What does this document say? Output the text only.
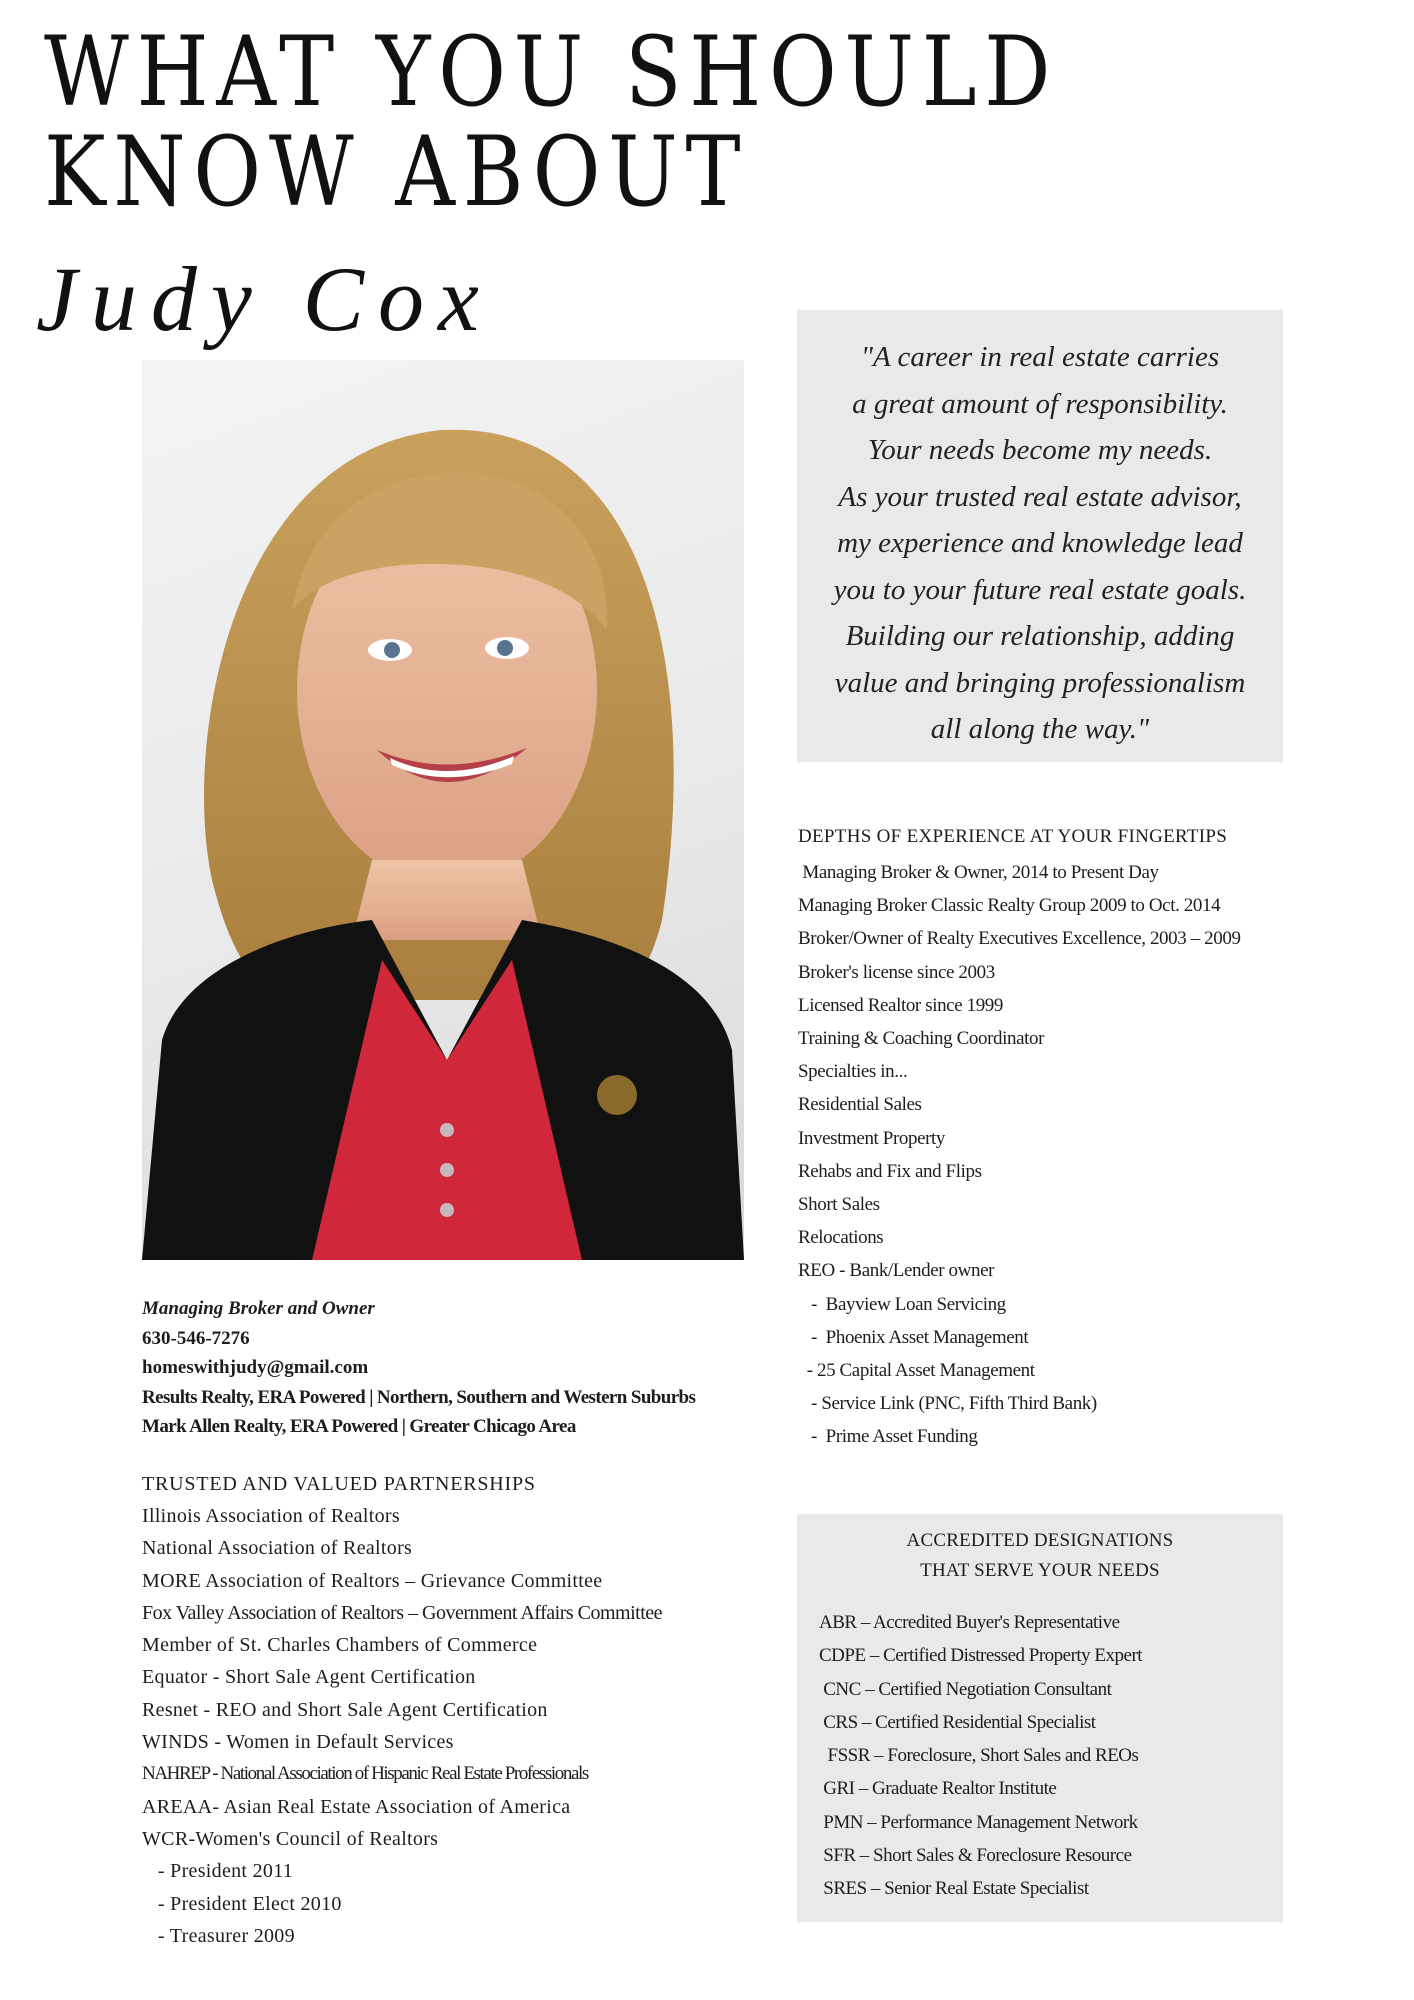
WHAT YOU SHOULD
KNOW ABOUT
Judy Cox
"A career in real estate carries
a great amount of responsibility.
Your needs become my needs.
As your trusted real estate advisor,
my experience and knowledge lead
you to your future real estate goals.
Building our relationship, adding
value and bringing professionalism
all along the way."
DEPTHS OF EXPERIENCE AT YOUR FINGERTIPS
Managing Broker & Owner, 2014 to Present Day
Managing Broker Classic Realty Group 2009 to Oct. 2014
Broker/Owner of Realty Executives Excellence, 2003 – 2009
Broker's license since 2003
Licensed Realtor since 1999
Training & Coaching Coordinator
Specialties in...
Residential Sales
Investment Property
Rehabs and Fix and Flips
Short Sales
Relocations
REO - Bank/Lender owner
-  Bayview Loan Servicing
-  Phoenix Asset Management
- 25 Capital Asset Management
- Service Link (PNC, Fifth Third Bank)
-  Prime Asset Funding
Managing Broker and Owner
630-546-7276
homeswithjudy@gmail.com
Results Realty, ERA Powered | Northern, Southern and Western Suburbs
Mark Allen Realty, ERA Powered | Greater Chicago Area
TRUSTED AND VALUED PARTNERSHIPS
Illinois Association of Realtors
National Association of Realtors
MORE Association of Realtors – Grievance Committee
Fox Valley Association of Realtors – Government Affairs Committee
Member of St. Charles Chambers of Commerce
Equator - Short Sale Agent Certification
Resnet - REO and Short Sale Agent Certification
WINDS - Women in Default Services
NAHREP - National Association of Hispanic Real Estate Professionals
AREAA- Asian Real Estate Association of America
WCR-Women's Council of Realtors
- President 2011
- President Elect 2010
- Treasurer 2009
ACCREDITED DESIGNATIONS
THAT SERVE YOUR NEEDS
ABR – Accredited Buyer's Representative
CDPE – Certified Distressed Property Expert
CNC – Certified Negotiation Consultant
CRS – Certified Residential Specialist
FSSR – Foreclosure, Short Sales and REOs
GRI – Graduate Realtor Institute
PMN – Performance Management Network
SFR – Short Sales & Foreclosure Resource
SRES – Senior Real Estate Specialist
